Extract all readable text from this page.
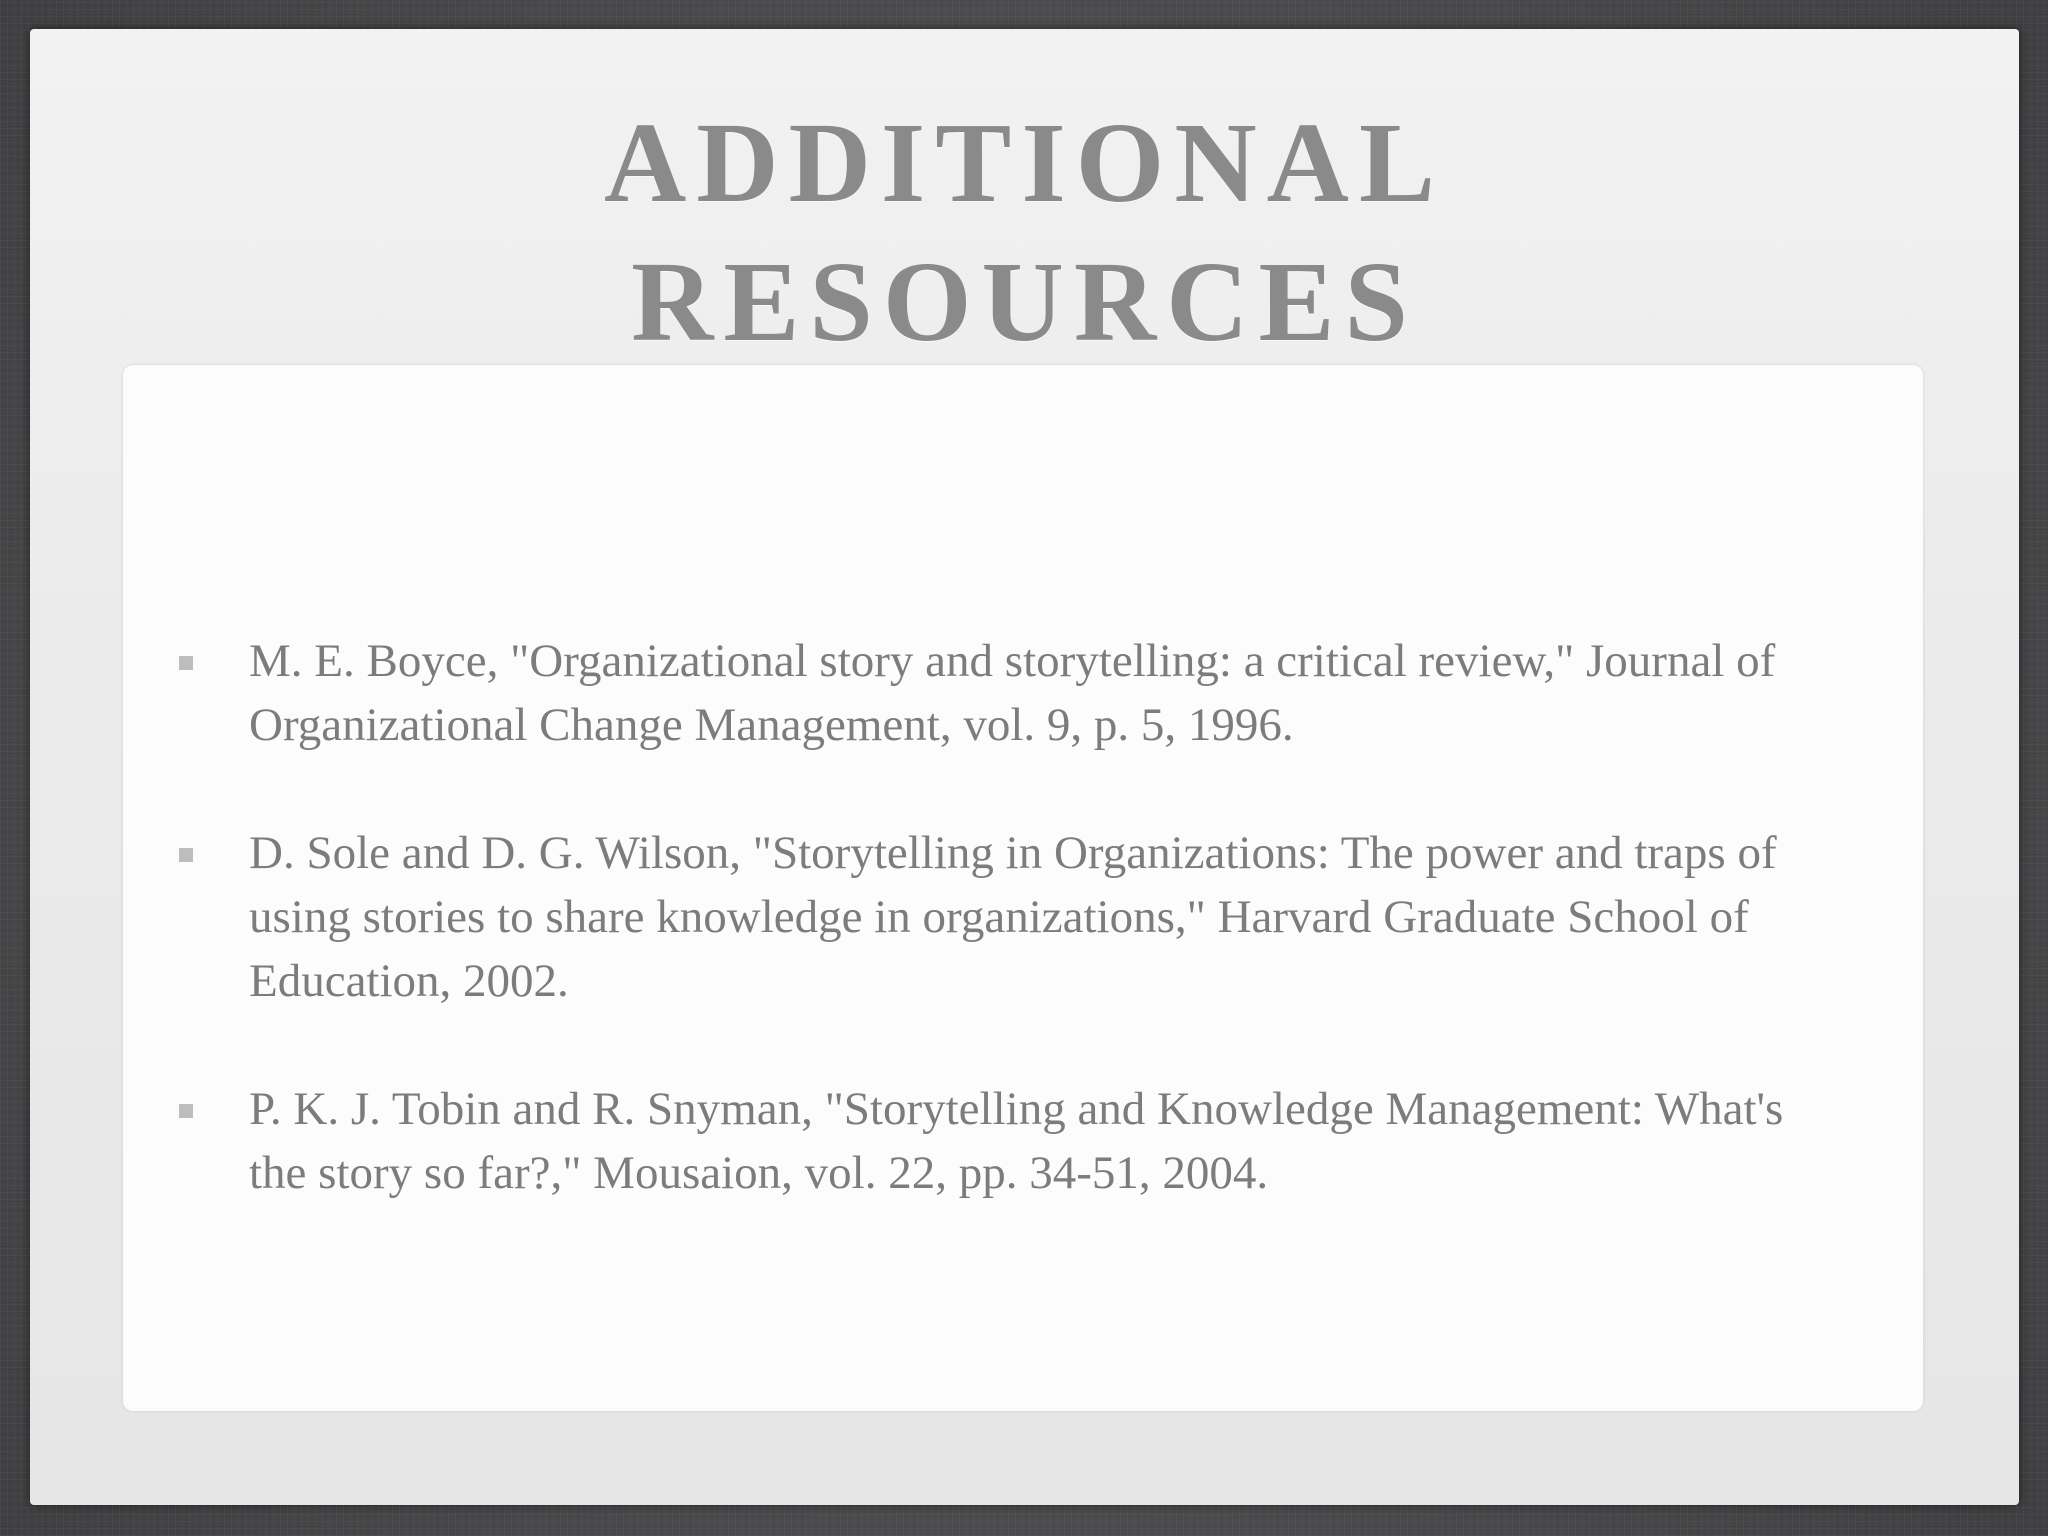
ADDITIONAL
RESOURCES
M. E. Boyce, "Organizational story and storytelling: a critical review," Journal of Organizational Change Management, vol. 9, p. 5, 1996.
D. Sole and D. G. Wilson, "Storytelling in Organizations: The power and traps of using stories to share knowledge in organizations," Harvard Graduate School of Education, 2002.
P. K. J. Tobin and R. Snyman, "Storytelling and Knowledge Management: What's the story so far?," Mousaion, vol. 22, pp. 34-51, 2004.
